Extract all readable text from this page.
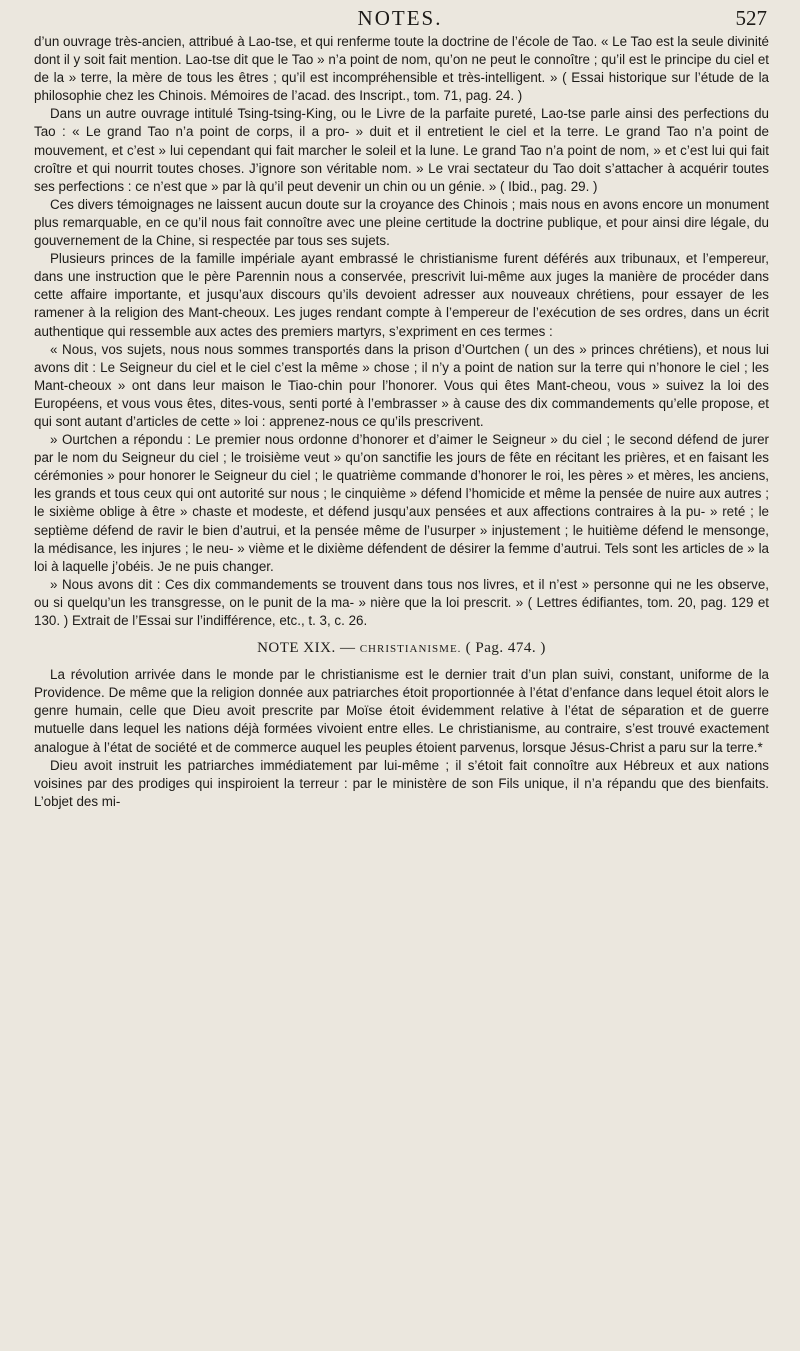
NOTES.	527

d’un ouvrage très-ancien, attribué à Lao-tse, et qui renferme toute la doctrine de l’école de Tao. « Le Tao est la seule divinité dont il y soit fait mention. Lao-tse dit que le Tao » n’a point de nom, qu’on ne peut le connoître ; qu’il est le principe du ciel et de la » terre, la mère de tous les êtres ; qu’il est incompréhensible et très-intelligent. » ( Essai historique sur l’étude de la philosophie chez les Chinois. Mémoires de l’acad. des Inscript., tom. 71, pag. 24. )

Dans un autre ouvrage intitulé Tsing-tsing-King, ou le Livre de la parfaite pureté, Lao-tse parle ainsi des perfections du Tao : « Le grand Tao n’a point de corps, il a pro- » duit et il entretient le ciel et la terre. Le grand Tao n’a point de mouvement, et c’est » lui cependant qui fait marcher le soleil et la lune. Le grand Tao n’a point de nom, » et c’est lui qui fait croître et qui nourrit toutes choses. J’ignore son véritable nom. » Le vrai sectateur du Tao doit s’attacher à acquérir toutes ses perfections : ce n’est que » par là qu’il peut devenir un chin ou un génie. » ( Ibid., pag. 29. )

Ces divers témoignages ne laissent aucun doute sur la croyance des Chinois ; mais nous en avons encore un monument plus remarquable, en ce qu’il nous fait connoître avec une pleine certitude la doctrine publique, et pour ainsi dire légale, du gouvernement de la Chine, si respectée par tous ses sujets.

Plusieurs princes de la famille impériale ayant embrassé le christianisme furent déférés aux tribunaux, et l’empereur, dans une instruction que le père Parennin nous a conservée, prescrivit lui-même aux juges la manière de procéder dans cette affaire importante, et jusqu’aux discours qu’ils devoient adresser aux nouveaux chrétiens, pour essayer de les ramener à la religion des Mant-cheoux. Les juges rendant compte à l’empereur de l’exécution de ses ordres, dans un écrit authentique qui ressemble aux actes des premiers martyrs, s’expriment en ces termes :

« Nous, vos sujets, nous nous sommes transportés dans la prison d’Ourtchen ( un des » princes chrétiens), et nous lui avons dit : Le Seigneur du ciel et le ciel c’est la même » chose ; il n’y a point de nation sur la terre qui n’honore le ciel ; les Mant-cheoux » ont dans leur maison le Tiao-chin pour l’honorer. Vous qui êtes Mant-cheou, vous » suivez la loi des Européens, et vous vous êtes, dites-vous, senti porté à l’embrasser » à cause des dix commandements qu’elle propose, et qui sont autant d’articles de cette » loi : apprenez-nous ce qu’ils prescrivent.

» Ourtchen a répondu : Le premier nous ordonne d’honorer et d’aimer le Seigneur » du ciel ; le second défend de jurer par le nom du Seigneur du ciel ; le troisième veut » qu’on sanctifie les jours de fête en récitant les prières, et en faisant les cérémonies » pour honorer le Seigneur du ciel ; le quatrième commande d’honorer le roi, les pères » et mères, les anciens, les grands et tous ceux qui ont autorité sur nous ; le cinquième » défend l’homicide et même la pensée de nuire aux autres ; le sixième oblige à être » chaste et modeste, et défend jusqu’aux pensées et aux affections contraires à la pu- » reté ; le septième défend de ravir le bien d’autrui, et la pensée même de l’usurper » injustement ; le huitième défend le mensonge, la médisance, les injures ; le neu- » vième et le dixième défendent de désirer la femme d’autrui. Tels sont les articles de » la loi à laquelle j’obéis. Je ne puis changer.

» Nous avons dit : Ces dix commandements se trouvent dans tous nos livres, et il n’est » personne qui ne les observe, ou si quelqu’un les transgresse, on le punit de la ma- » nière que la loi prescrit. » ( Lettres édifiantes, tom. 20, pag. 129 et 130. ) Extrait de l’Essai sur l’indifférence, etc., t. 3, c. 26.

NOTE XIX. — CHRISTIANISME. ( Pag. 474. )

La révolution arrivée dans le monde par le christianisme est le dernier trait d’un plan suivi, constant, uniforme de la Providence. De même que la religion donnée aux patriarches étoit proportionnée à l’état d’enfance dans lequel étoit alors le genre humain, celle que Dieu avoit prescrite par Moïse étoit évidemment relative à l’état de séparation et de guerre mutuelle dans lequel les nations déjà formées vivoient entre elles. Le christianisme, au contraire, s’est trouvé exactement analogue à l’état de société et de commerce auquel les peuples étoient parvenus, lorsque Jésus-Christ a paru sur la terre.*

Dieu avoit instruit les patriarches immédiatement par lui-même ; il s’étoit fait connoître aux Hébreux et aux nations voisines par des prodiges qui inspiroient la terreur : par le ministère de son Fils unique, il n’a répandu que des bienfaits. L’objet des mi-
